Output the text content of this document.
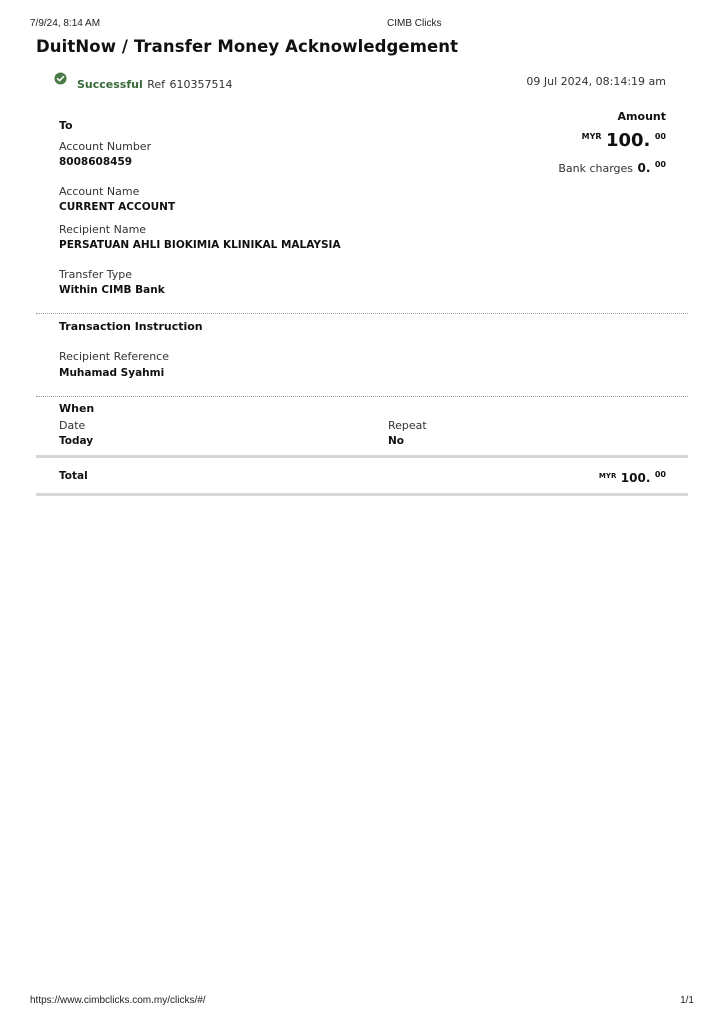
7/9/24, 8:14 AM	CIMB Clicks
DuitNow / Transfer Money Acknowledgement
Successful Ref 610357514	09 Jul 2024, 08:14:19 am
To
Account Number
8008608459
Account Name
CURRENT ACCOUNT
Recipient Name
PERSATUAN AHLI BIOKIMIA KLINIKAL MALAYSIA
Transfer Type
Within CIMB Bank
Amount
$^{MYR}$ 100. $^{00}$
Bank charges 0. $^{00}$
Transaction Instruction
Recipient Reference
Muhamad Syahmi
When
Date
Today
Repeat
No
Total	$^{MYR}$ 100. $^{00}$
https://www.cimbclicks.com.my/clicks/#/	1/1
